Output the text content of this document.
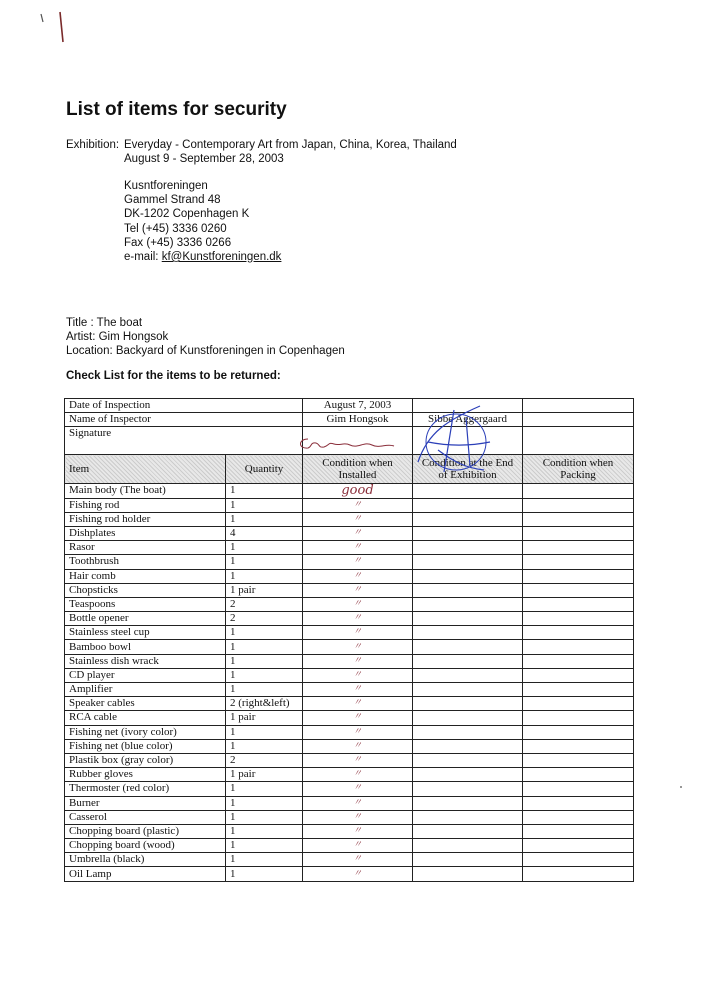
List of items for security
Exhibition: Everyday - Contemporary Art from Japan, China, Korea, Thailand
August 9 - September 28, 2003
Kusntforeningen
Gammel Strand 48
DK-1202 Copenhagen K
Tel (+45) 3336 0260
Fax (+45) 3336 0266
e-mail: kf@Kunstforeningen.dk
Title : The boat
Artist: Gim Hongsok
Location: Backyard of Kunstforeningen in Copenhagen
Check List for the items to be returned:
Date of Inspection		August 7, 2003		
Name of Inspector		Gim Hongsok	Sibbe Aggergaard	
Signature				
Item	Quantity	Condition when Installed	Condition at the End of Exhibition	Condition when Packing
Main body (The boat)	1	good		
Fishing rod	1	〃		
Fishing rod holder	1	〃		
Dishplates	4	〃		
Rasor	1	〃		
Toothbrush	1	〃		
Hair comb	1	〃		
Chopsticks	1 pair	〃		
Teaspoons	2	〃		
Bottle opener	2	〃		
Stainless steel cup	1	〃		
Bamboo bowl	1	〃		
Stainless dish wrack	1	〃		
CD player	1	〃		
Amplifier	1	〃		
Speaker cables	2 (right&left)	〃		
RCA cable	1 pair	〃		
Fishing net (ivory color)	1	〃		
Fishing net (blue color)	1	〃		
Plastik box (gray color)	2	〃		
Rubber gloves	1 pair	〃		
Thermoster (red color)	1	〃		
Burner	1	〃		
Casserol	1	〃		
Chopping board (plastic)	1	〃		
Chopping board (wood)	1	〃		
Umbrella (black)	1	〃		
Oil Lamp	1	〃		
